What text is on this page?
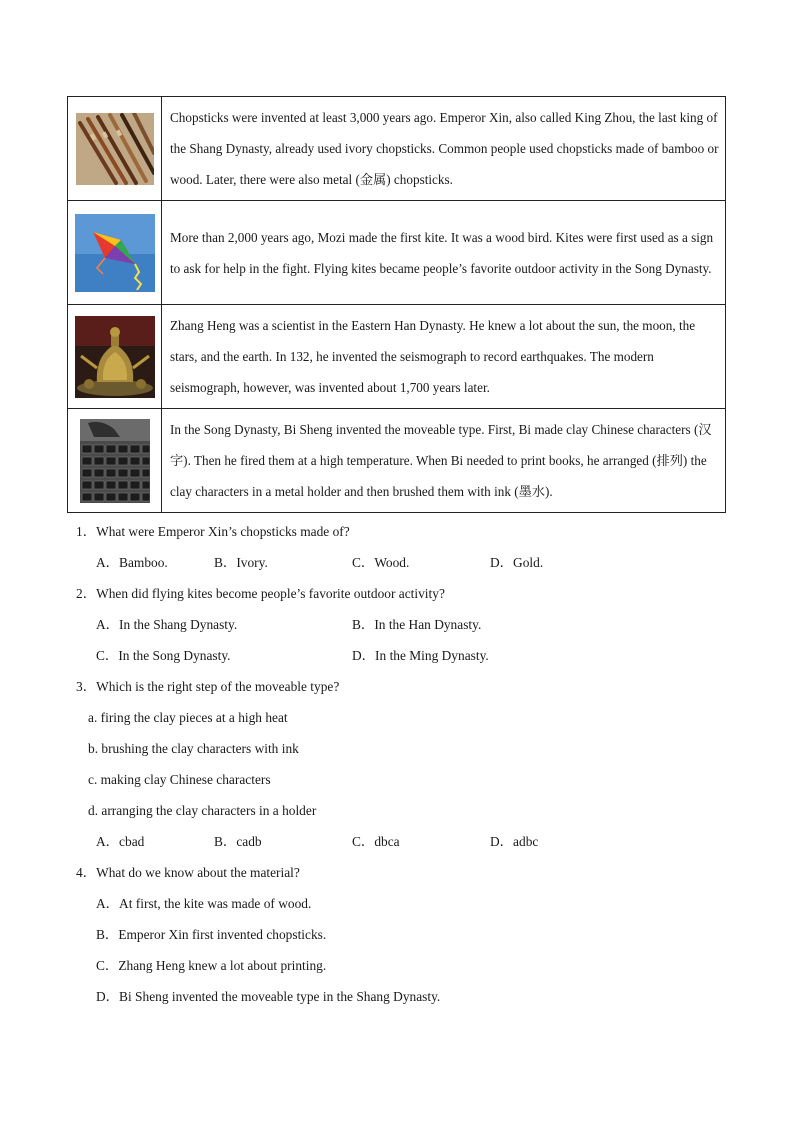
	Chopsticks were invented at least 3,000 years ago. Emperor Xin, also called King Zhou, the last king of the Shang Dynasty, already used ivory chopsticks. Common people used chopsticks made of bamboo or wood. Later, there were also metal (金属) chopsticks.

	More than 2,000 years ago, Mozi made the first kite. It was a wood bird. Kites were first used as a sign to ask for help in the fight. Flying kites became people’s favorite outdoor activity in the Song Dynasty.

	Zhang Heng was a scientist in the Eastern Han Dynasty. He knew a lot about the sun, the moon, the stars, and the earth. In 132, he invented the seismograph to record earthquakes. The modern seismograph, however, was invented about 1,700 years later.

	In the Song Dynasty, Bi Sheng invented the moveable type. First, Bi made clay Chinese characters (汉字). Then he fired them at a high temperature. When Bi needed to print books, he arranged (排列) the clay characters in a metal holder and then brushed them with ink (墨水).
1．What were Emperor Xin’s chopsticks made of?
A．Bamboo.	B．Ivory.	C．Wood.	D．Gold.
2．When did flying kites become people’s favorite outdoor activity?
A．In the Shang Dynasty.	B．In the Han Dynasty.
C．In the Song Dynasty.	D．In the Ming Dynasty.
3．Which is the right step of the moveable type?
a. firing the clay pieces at a high heat
b. brushing the clay characters with ink
c. making clay Chinese characters
d. arranging the clay characters in a holder
A．cbad	B．cadb	C．dbca	D．adbc
4．What do we know about the material?
A．At first, the kite was made of wood.
B．Emperor Xin first invented chopsticks.
C．Zhang Heng knew a lot about printing.
D．Bi Sheng invented the moveable type in the Shang Dynasty.
